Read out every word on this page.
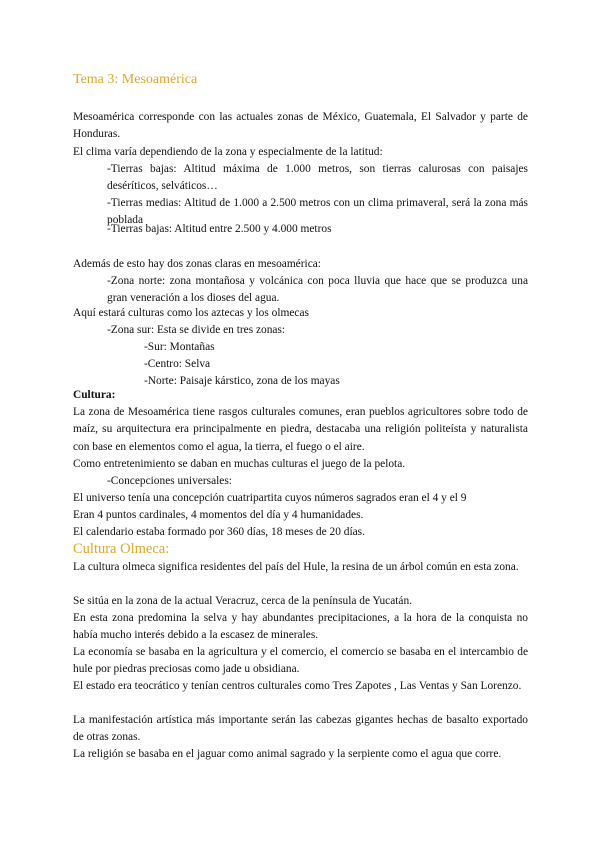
Tema 3: Mesoamérica
Mesoamérica corresponde con las actuales zonas de México, Guatemala, El Salvador y parte de Honduras.
El clima varía dependiendo de la zona y especialmente de la latitud:
-Tierras bajas: Altitud máxima de 1.000 metros, son tierras calurosas con paisajes deséríticos, selváticos…
-Tierras medias: Altitud de 1.000 a 2.500 metros con un clima primaveral, será la zona más poblada
-Tierras bajas: Altitud entre 2.500 y 4.000 metros
Además de esto hay dos zonas claras en mesoamérica:
-Zona norte: zona montañosa y volcánica con poca lluvia que hace que se produzca una gran veneración a los dioses del agua.
Aquí estará culturas como los aztecas y los olmecas
-Zona sur: Esta se divide en tres zonas:
-Sur: Montañas
-Centro: Selva
-Norte: Paisaje kárstico, zona de los mayas
Cultura:
La zona de Mesoamérica tiene rasgos culturales comunes, eran pueblos agricultores sobre todo de maíz, su arquitectura era principalmente en piedra, destacaba una religión politeísta y naturalista con base en elementos como el agua, la tierra, el fuego o el aire.
Como entretenimiento se daban en muchas culturas el juego de la pelota.
-Concepciones universales:
El universo tenía una concepción cuatripartita cuyos números sagrados eran el 4 y el 9
Eran 4 puntos cardinales, 4 momentos del día y 4 humanidades.
El calendario estaba formado por 360 días, 18 meses de 20 días.
Cultura Olmeca:
La cultura olmeca significa residentes del país del Hule, la resina de un árbol común en esta zona.
Se sitúa en la zona de la actual Veracruz, cerca de la península de Yucatán.
En esta zona predomina la selva y hay abundantes precipitaciones, a la hora de la conquista no había mucho interés debido a la escasez de minerales.
La economía se basaba en la agricultura y el comercio, el comercio se basaba en el intercambio de hule por piedras preciosas como jade u obsidiana.
El estado era teocrático y tenían centros culturales como Tres Zapotes , Las Ventas y San Lorenzo.
La manifestación artística más importante serán las cabezas gigantes hechas de basalto exportado de otras zonas.
La religión se basaba en el jaguar como animal sagrado y la serpiente como el agua que corre.
